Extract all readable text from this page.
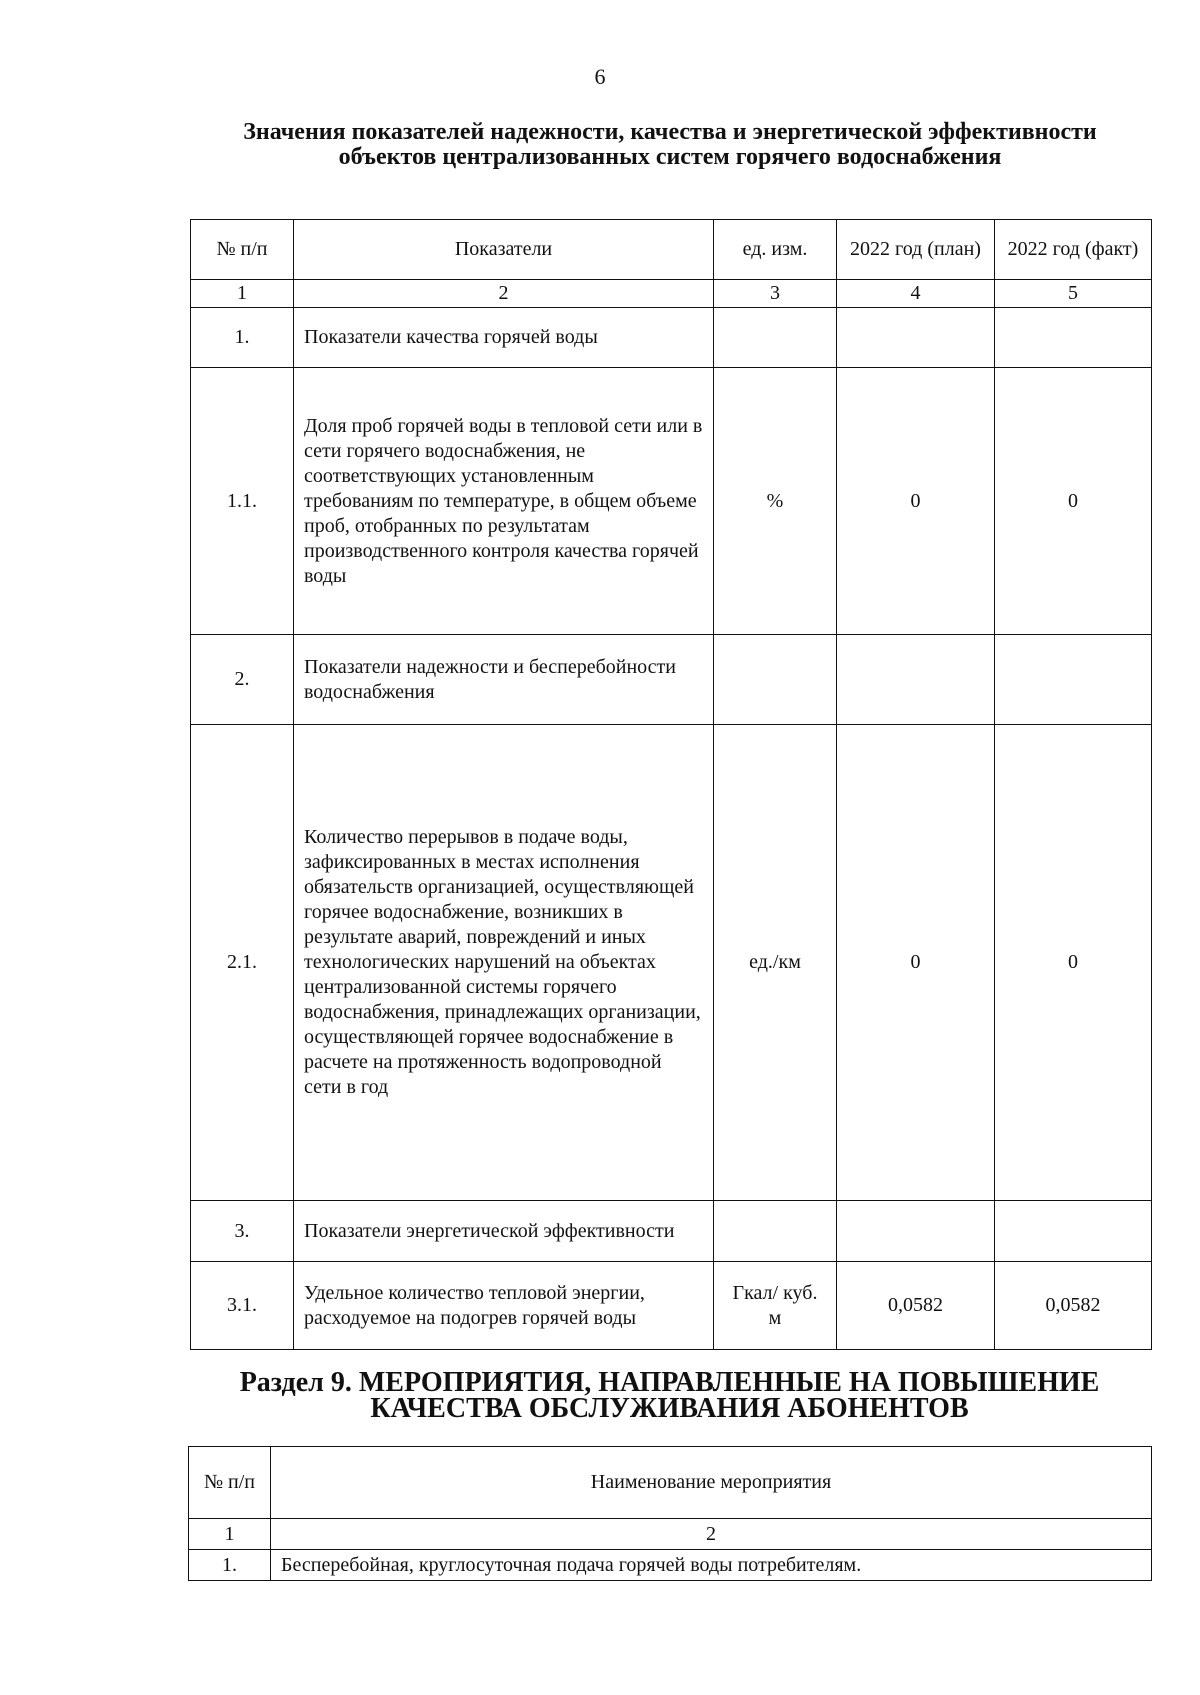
6
Значения показателей надежности, качества и энергетической эффективности объектов централизованных систем горячего водоснабжения
№ п/п	Показатели	ед. изм.	2022 год (план)	2022 год (факт)
1	2	3	4	5
1.	Показатели качества горячей воды			
1.1.	Доля проб горячей воды в тепловой сети или в сети горячего водоснабжения, не соответствующих установленным требованиям по температуре, в общем объеме проб, отобранных по результатам производственного контроля качества горячей воды	%	0	0
2.	Показатели надежности и бесперебойности водоснабжения			
2.1.	Количество перерывов в подаче воды, зафиксированных в местах исполнения обязательств организацией, осуществляющей горячее водоснабжение, возникших в результате аварий, повреждений и иных технологических нарушений на объектах централизованной системы горячего водоснабжения, принадлежащих организации, осуществляющей горячее водоснабжение в расчете на протяженность водопроводной сети в год	ед./км	0	0
3.	Показатели энергетической эффективности			
3.1.	Удельное количество тепловой энергии, расходуемое на подогрев горячей воды	Гкал/ куб. м	0,0582	0,0582
Раздел 9. МЕРОПРИЯТИЯ, НАПРАВЛЕННЫЕ НА ПОВЫШЕНИЕ КАЧЕСТВА ОБСЛУЖИВАНИЯ АБОНЕНТОВ
№ п/п	Наименование мероприятия
1	2
1.	Бесперебойная, круглосуточная подача горячей воды потребителям.
